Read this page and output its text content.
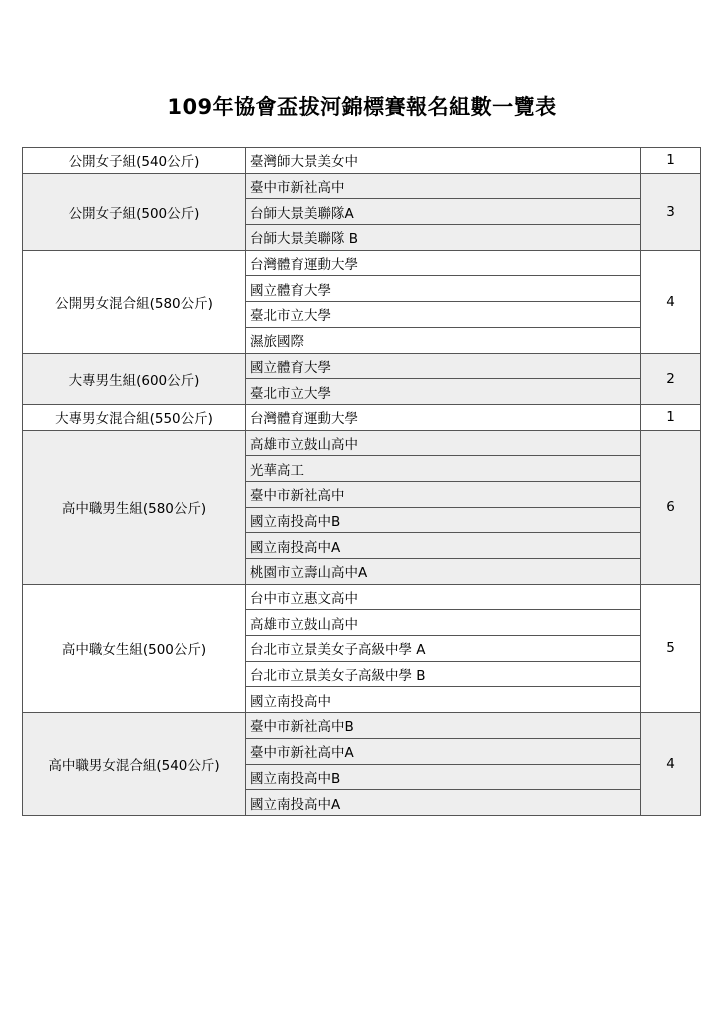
109年協會盃拔河錦標賽報名組數一覽表
公開女子組(540公斤)	臺灣師大景美女中	1
公開女子組(500公斤)	臺中市新社高中	3
	台師大景美聯隊A	
	台師大景美聯隊 B	
公開男女混合組(580公斤)	台灣體育運動大學	4
	國立體育大學	
	臺北市立大學	
	濕旅國際	
大專男生組(600公斤)	國立體育大學	2
	臺北市立大學	
大專男女混合組(550公斤)	台灣體育運動大學	1
高中職男生組(580公斤)	高雄市立鼓山高中	6
	光華高工	
	臺中市新社高中	
	國立南投高中B	
	國立南投高中A	
	桃園市立壽山高中A	
高中職女生組(500公斤)	台中市立惠文高中	5
	高雄市立鼓山高中	
	台北市立景美女子高級中學 A	
	台北市立景美女子高級中學 B	
	國立南投高中	
高中職男女混合組(540公斤)	臺中市新社高中B	4
	臺中市新社高中A	
	國立南投高中B	
	國立南投高中A	
